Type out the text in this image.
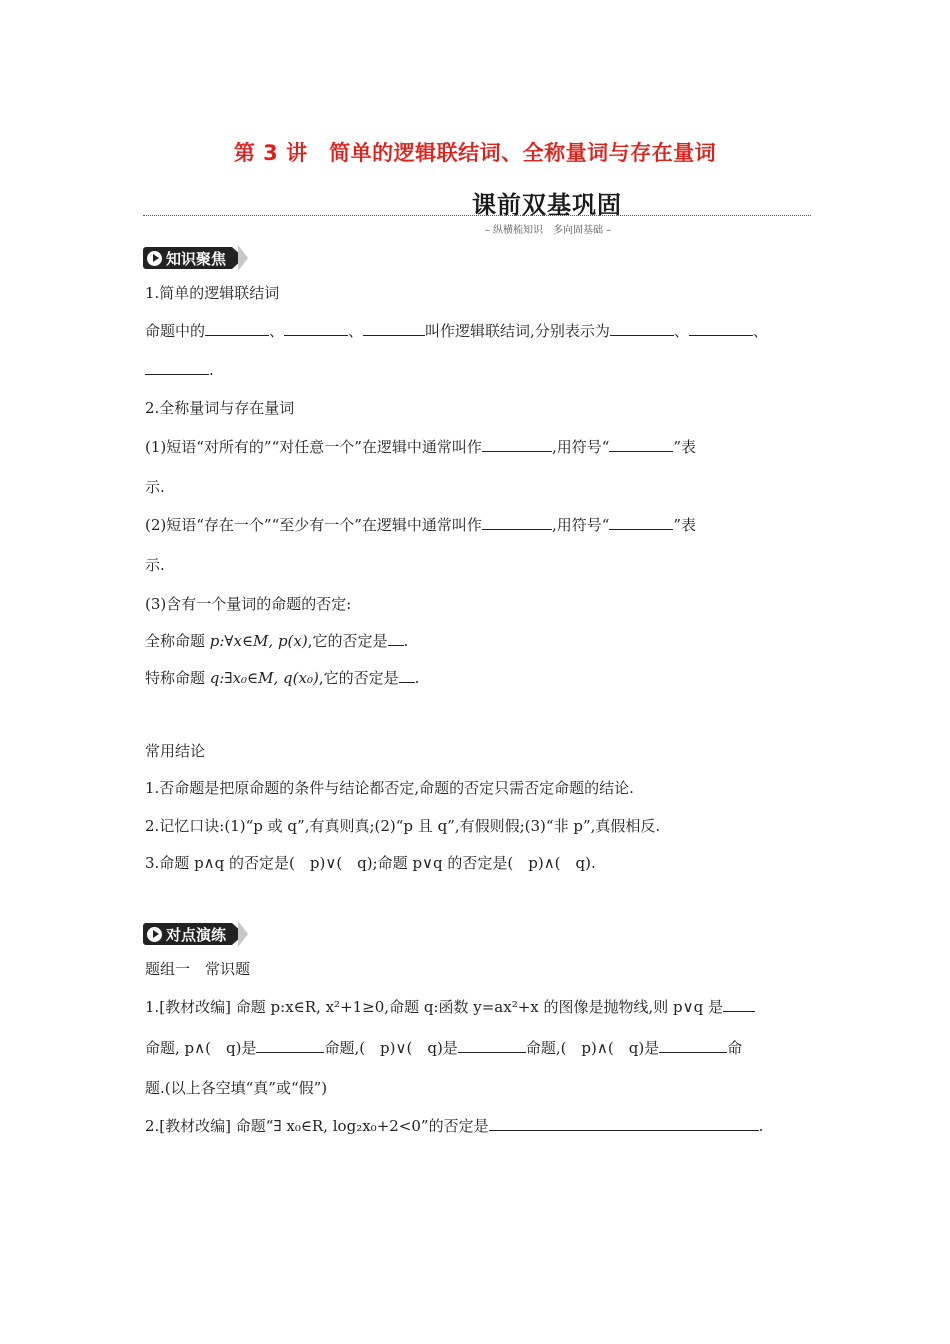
第 3 讲　简单的逻辑联结词、全称量词与存在量词
课前双基巩固
– 纵横梳知识　多向固基础 –
知识聚焦
1.简单的逻辑联结词
命题中的	、	、	叫作逻辑联结词,分别表示为	、	、
.
2.全称量词与存在量词
(1)短语“对所有的”“对任意一个”在逻辑中通常叫作	,用符号“	”表
示.
(2)短语“存在一个”“至少有一个”在逻辑中通常叫作	,用符号“	”表
示.
(3)含有一个量词的命题的否定:
全称命题 p:∀x∈M, p(x),它的否定是 .
特称命题 q:∃x₀∈M, q(x₀),它的否定是 .
常用结论
1.否命题是把原命题的条件与结论都否定,命题的否定只需否定命题的结论.
2.记忆口诀:(1)“p 或 q”,有真则真;(2)“p 且 q”,有假则假;(3)“非 p”,真假相反.
3.命题 p∧q 的否定是(　p)∨(　q);命题 p∨q 的否定是(　p)∧(　q).
对点演练
题组一　常识题
1.[教材改编] 命题 p:x∈R, x²+1≥0,命题 q:函数 y=ax²+x 的图像是抛物线,则 p∨q 是
命题, p∧(　q)是	命题,(　p)∨(　q)是	命题,(　p)∧(　q)是	命
题.(以上各空填“真”或“假”)
2.[教材改编] 命题“∃ x₀∈R, log₂x₀+2<0”的否定是	.
